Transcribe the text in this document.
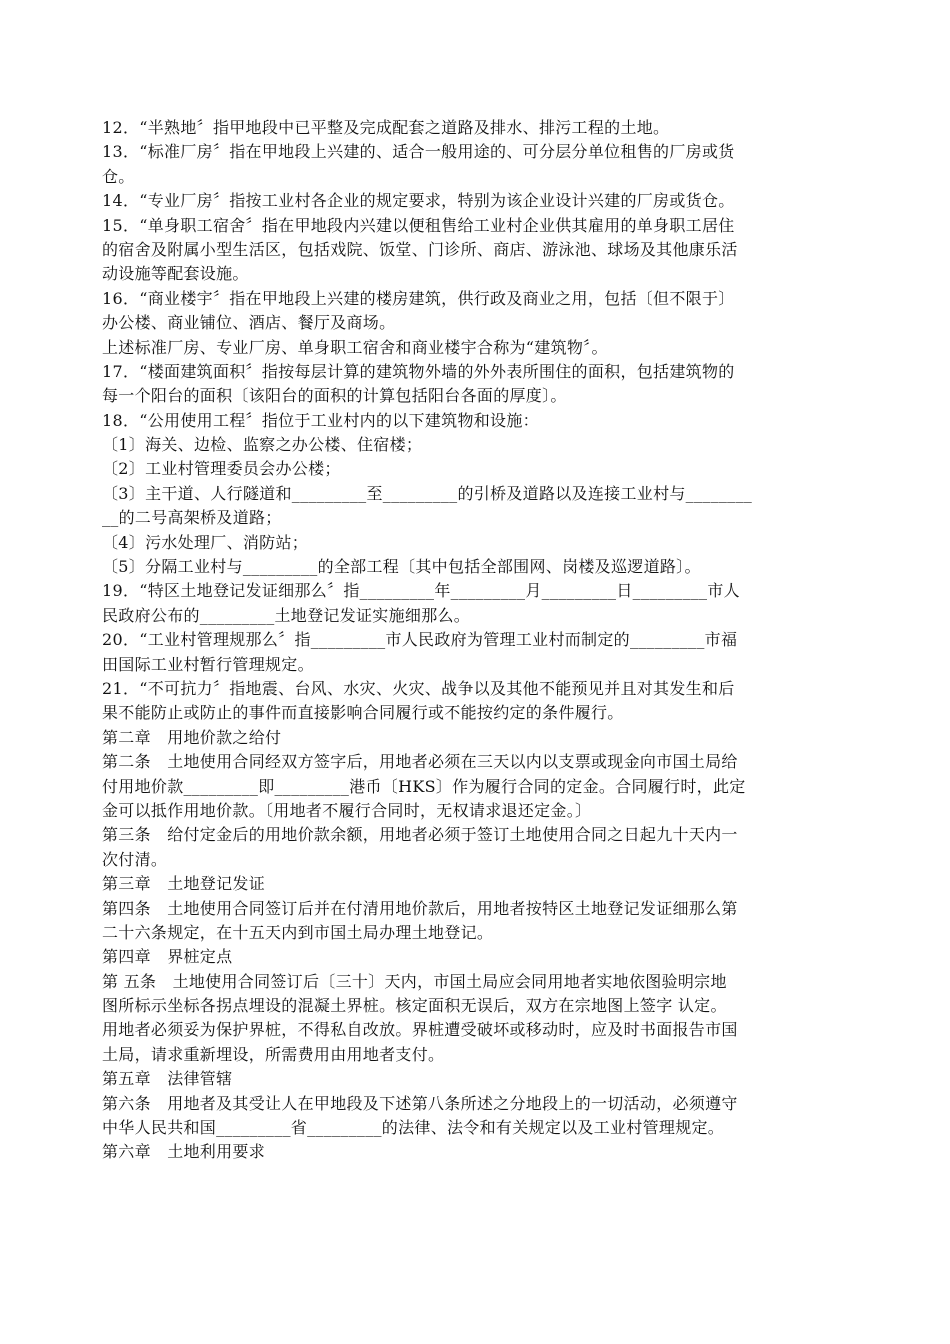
12．“半熟地〞指甲地段中已平整及完成配套之道路及排水、排污工程的土地。
13．“标准厂房〞指在甲地段上兴建的、适合一般用途的、可分层分单位租售的厂房或货
仓。
14．“专业厂房〞指按工业村各企业的规定要求，特别为该企业设计兴建的厂房或货仓。
15．“单身职工宿舍〞指在甲地段内兴建以便租售给工业村企业供其雇用的单身职工居住
的宿舍及附属小型生活区，包括戏院、饭堂、门诊所、商店、游泳池、球场及其他康乐活
动设施等配套设施。
16．“商业楼宇〞指在甲地段上兴建的楼房建筑，供行政及商业之用，包括〔但不限于〕
办公楼、商业铺位、酒店、餐厅及商场。
上述标准厂房、专业厂房、单身职工宿舍和商业楼宇合称为“建筑物〞。
17．“楼面建筑面积〞指按每层计算的建筑物外墙的外外表所围住的面积，包括建筑物的
每一个阳台的面积〔该阳台的面积的计算包括阳台各面的厚度〕。
18．“公用使用工程〞指位于工业村内的以下建筑物和设施：
〔1〕海关、边检、监察之办公楼、住宿楼；
〔2〕工业村管理委员会办公楼；
〔3〕主干道、人行隧道和_________至_________的引桥及道路以及连接工业村与________
__的二号高架桥及道路；
〔4〕污水处理厂、消防站；
〔5〕分隔工业村与_________的全部工程〔其中包括全部围网、岗楼及巡逻道路〕。
19．“特区土地登记发证细那么〞指_________年_________月_________日_________市人
民政府公布的_________土地登记发证实施细那么。
20．“工业村管理规那么〞指_________市人民政府为管理工业村而制定的_________市福
田国际工业村暂行管理规定。
21．“不可抗力〞指地震、台风、水灾、火灾、战争以及其他不能预见并且对其发生和后
果不能防止或防止的事件而直接影响合同履行或不能按约定的条件履行。
第二章　用地价款之给付
第二条　土地使用合同经双方签字后，用地者必须在三天以内以支票或现金向市国土局给
付用地价款_________即_________港币〔HKS〕作为履行合同的定金。合同履行时，此定
金可以抵作用地价款。〔用地者不履行合同时，无权请求退还定金。〕
第三条　给付定金后的用地价款余额，用地者必须于签订土地使用合同之日起九十天内一
次付清。
第三章　土地登记发证
第四条　土地使用合同签订后并在付清用地价款后，用地者按特区土地登记发证细那么第
二十六条规定，在十五天内到市国土局办理土地登记。
第四章　界桩定点
第 五条　土地使用合同签订后〔三十〕天内，市国土局应会同用地者实地依图验明宗地
图所标示坐标各拐点埋设的混凝土界桩。核定面积无误后，双方在宗地图上签字 认定。
用地者必须妥为保护界桩，不得私自改放。界桩遭受破坏或移动时，应及时书面报告市国
土局，请求重新埋设，所需费用由用地者支付。
第五章　法律管辖
第六条　用地者及其受让人在甲地段及下述第八条所述之分地段上的一切活动，必须遵守
中华人民共和国_________省_________的法律、法令和有关规定以及工业村管理规定。
第六章　土地利用要求
